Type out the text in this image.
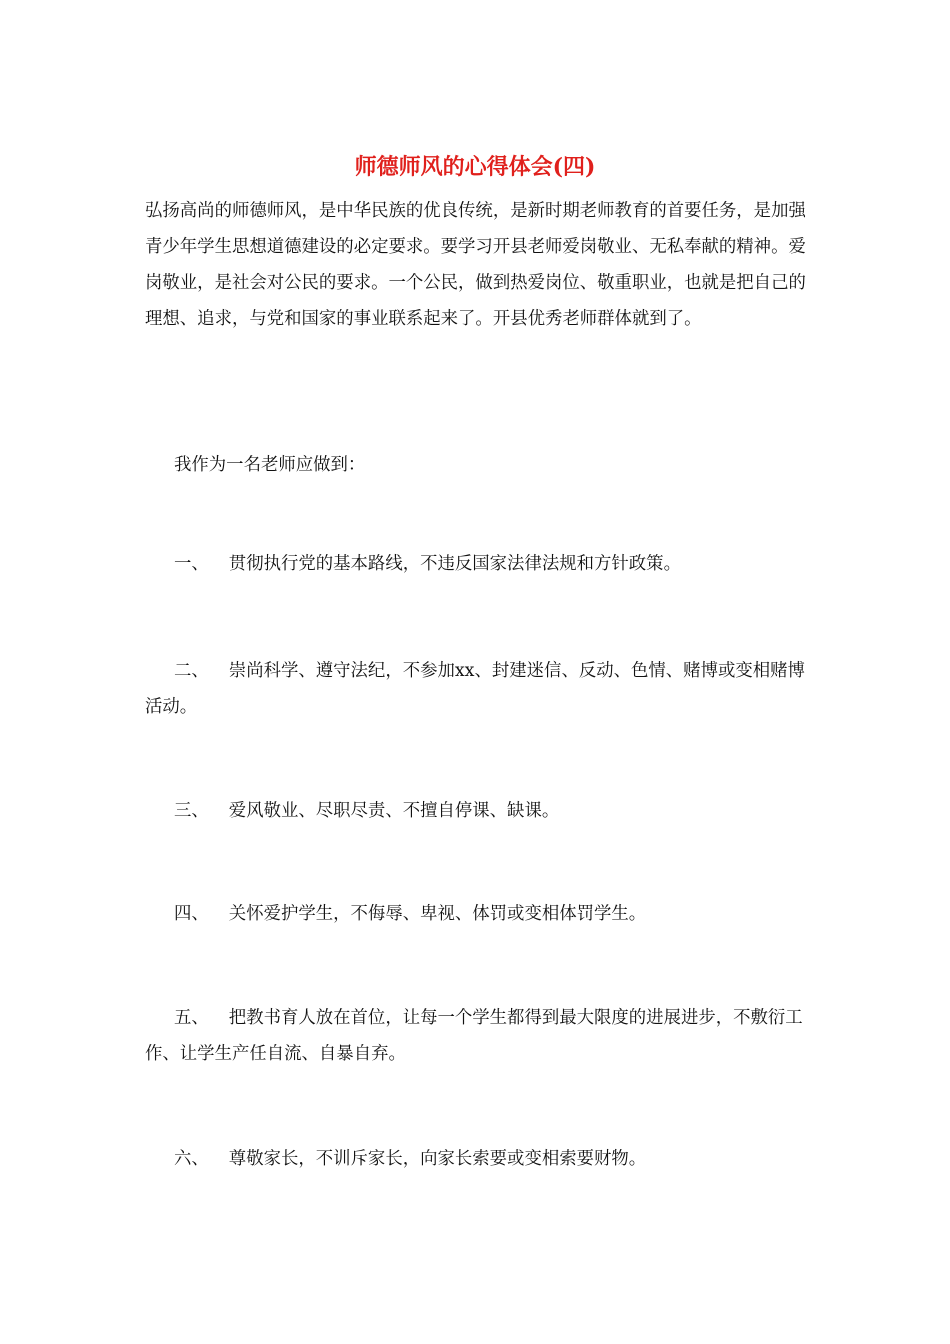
师德师风的心得体会(四)

弘扬高尚的师德师风，是中华民族的优良传统，是新时期老师教育的首要任务，是加强青少年学生思想道德建设的必定要求。要学习开县老师爱岗敬业、无私奉献的精神。爱岗敬业，是社会对公民的要求。一个公民，做到热爱岗位、敬重职业，也就是把自己的理想、追求，与党和国家的事业联系起来了。开县优秀老师群体就到了。

我作为一名老师应做到：

一、 贯彻执行党的基本路线，不违反国家法律法规和方针政策。

二、 崇尚科学、遵守法纪，不参加xx、封建迷信、反动、色情、赌博或变相赌博活动。

三、 爱风敬业、尽职尽责、不擅自停课、缺课。

四、 关怀爱护学生，不侮辱、卑视、体罚或变相体罚学生。

五、 把教书育人放在首位，让每一个学生都得到最大限度的进展进步，不敷衍工作、让学生产任自流、自暴自弃。

六、 尊敬家长，不训斥家长，向家长索要或变相索要财物。
